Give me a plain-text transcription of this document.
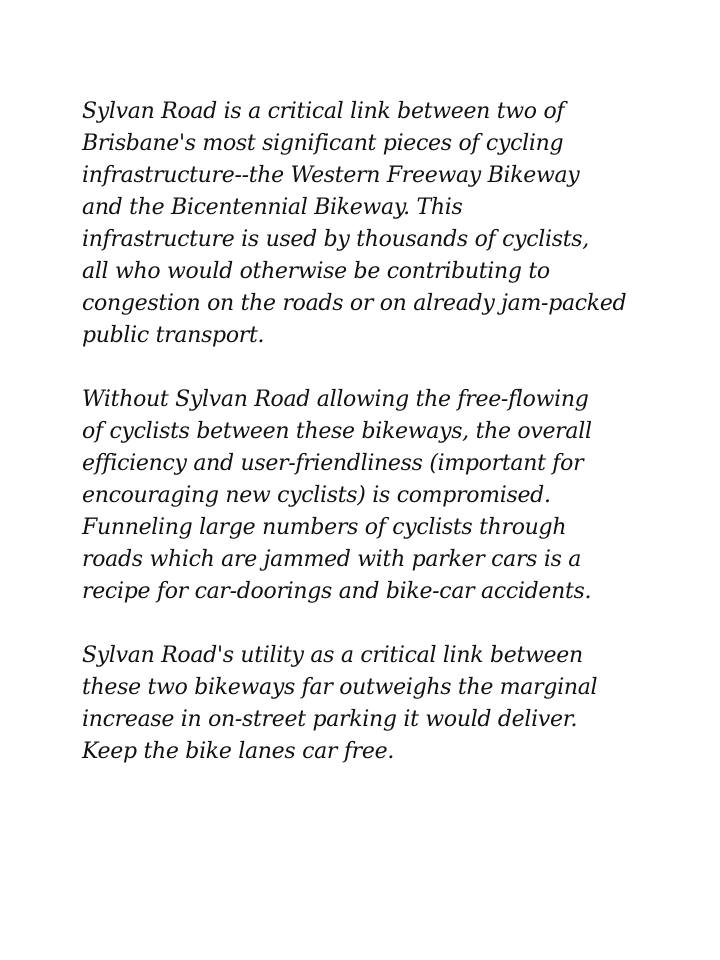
Sylvan Road is a critical link between two of
Brisbane's most significant pieces of cycling
infrastructure--the Western Freeway Bikeway
and the Bicentennial Bikeway. This
infrastructure is used by thousands of cyclists,
all who would otherwise be contributing to
congestion on the roads or on already jam-packed
public transport.

Without Sylvan Road allowing the free-flowing
of cyclists between these bikeways, the overall
efficiency and user-friendliness (important for
encouraging new cyclists) is compromised.
Funneling large numbers of cyclists through
roads which are jammed with parker cars is a
recipe for car-doorings and bike-car accidents.

Sylvan Road's utility as a critical link between
these two bikeways far outweighs the marginal
increase in on-street parking it would deliver.
Keep the bike lanes car free.
